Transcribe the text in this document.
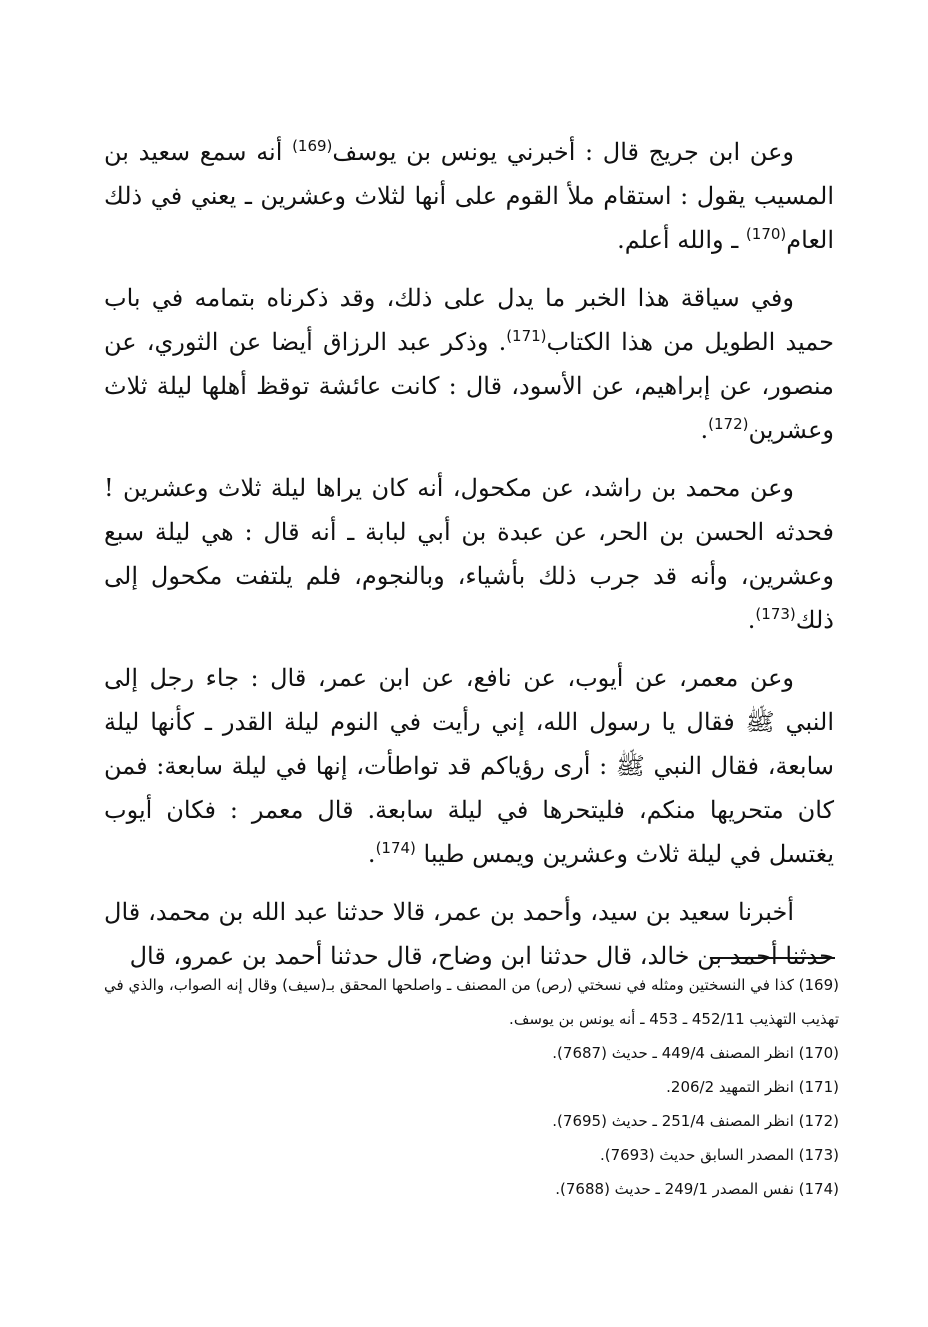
وعن ابن جريج قال : أخبرني يونس بن يوسف$^{(169)}$ أنه سمع سعيد بن المسيب يقول : استقام ملأ القوم على أنها لثلاث وعشرين ـ يعني في ذلك العام$^{(170)}$ ـ والله أعلم.

وفي سياقة هذا الخبر ما يدل على ذلك، وقد ذكرناه بتمامه في باب حميد الطويل من هذا الكتاب$^{(171)}$. وذكر عبد الرزاق أيضا عن الثوري، عن منصور، عن إبراهيم، عن الأسود، قال : كانت عائشة توقظ أهلها ليلة ثلاث وعشرين$^{(172)}$.

وعن محمد بن راشد، عن مكحول، أنه كان يراها ليلة ثلاث وعشرين ! فحدثه الحسن بن الحر، عن عبدة بن أبي لبابة ـ أنه قال : هي ليلة سبع وعشرين، وأنه قد جرب ذلك بأشياء، وبالنجوم، فلم يلتفت مكحول إلى ذلك$^{(173)}$.

وعن معمر، عن أيوب، عن نافع، عن ابن عمر، قال : جاء رجل إلى النبي ﷺ فقال يا رسول الله، إني رأيت في النوم ليلة القدر ـ كأنها ليلة سابعة، فقال النبي ﷺ : أرى رؤياكم قد تواطأت، إنها في ليلة سابعة: فمن كان متحريها منكم، فليتحرها في ليلة سابعة. قال معمر : فكان أيوب يغتسل في ليلة ثلاث وعشرين ويمس طيبا $^{(174)}$.

أخبرنا سعيد بن سيد، وأحمد بن عمر، قالا حدثنا عبد الله بن محمد، قال حدثنا أحمد بن خالد، قال حدثنا ابن وضاح، قال حدثنا أحمد بن عمرو، قال

(169) كذا في النسختين ومثله في نسختي (رص) من المصنف ـ واصلحها المحقق بـ(سيف) وقال إنه الصواب، والذي في تهذيب التهذيب 452/11 ـ 453 ـ أنه يونس بن يوسف.

(170) انظر المصنف 449/4 ـ حديث (7687).

(171) انظر التمهيد 206/2.

(172) انظر المصنف 251/4 ـ حديث (7695).

(173) المصدر السابق حديث (7693).

(174) نفس المصدر 249/1 ـ حديث (7688).
